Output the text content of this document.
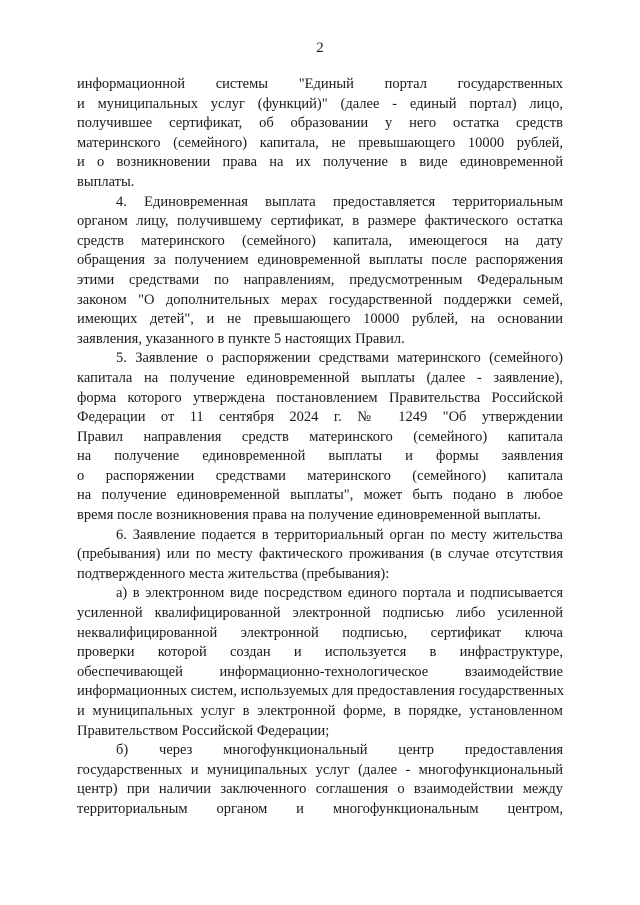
2
информационной системы "Единый портал государственных
и муниципальных услуг (функций)" (далее - единый портал) лицо,
получившее сертификат, об образовании у него остатка средств
материнского (семейного) капитала, не превышающего 10000 рублей,
и о возникновении права на их получение в виде единовременной
выплаты.
4. Единовременная выплата предоставляется территориальным
органом лицу, получившему сертификат, в размере фактического остатка
средств материнского (семейного) капитала, имеющегося на дату
обращения за получением единовременной выплаты после распоряжения
этими средствами по направлениям, предусмотренным Федеральным
законом "О дополнительных мерах государственной поддержки семей,
имеющих детей", и не превышающего 10000 рублей, на основании
заявления, указанного в пункте 5 настоящих Правил.
5. Заявление о распоряжении средствами материнского (семейного)
капитала на получение единовременной выплаты (далее - заявление),
форма которого утверждена постановлением Правительства Российской
Федерации от 11 сентября 2024 г. № 1249 "Об утверждении
Правил направления средств материнского (семейного) капитала
на получение единовременной выплаты и формы заявления
о распоряжении средствами материнского (семейного) капитала
на получение единовременной выплаты", может быть подано в любое
время после возникновения права на получение единовременной выплаты.
6. Заявление подается в территориальный орган по месту жительства
(пребывания) или по месту фактического проживания (в случае отсутствия
подтвержденного места жительства (пребывания):
а) в электронном виде посредством единого портала и подписывается
усиленной квалифицированной электронной подписью либо усиленной
неквалифицированной электронной подписью, сертификат ключа
проверки которой создан и используется в инфраструктуре,
обеспечивающей информационно-технологическое взаимодействие
информационных систем, используемых для предоставления государственных
и муниципальных услуг в электронной форме, в порядке, установленном
Правительством Российской Федерации;
б) через многофункциональный центр предоставления
государственных и муниципальных услуг (далее - многофункциональный
центр) при наличии заключенного соглашения о взаимодействии между
территориальным органом и многофункциональным центром,
